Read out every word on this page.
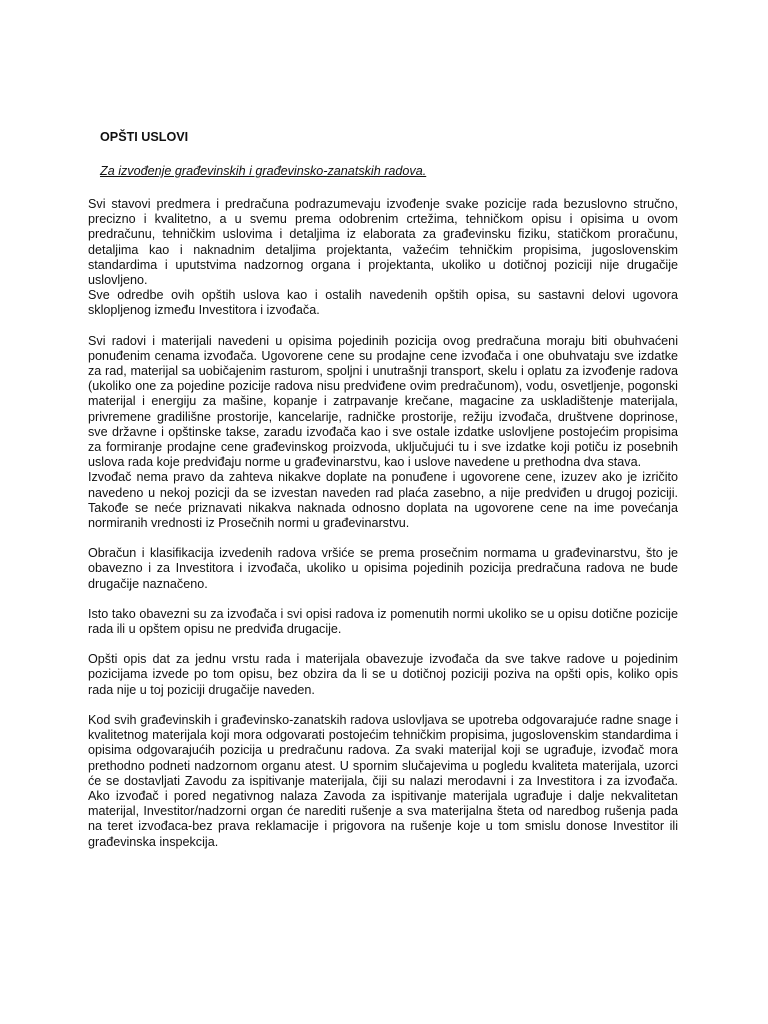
OPŠTI USLOVI
Za izvođenje građevinskih i građevinsko-zanatskih radova.
Svi stavovi predmera i predračuna podrazumevaju izvođenje svake pozicije rada bezuslovno stručno, precizno i kvalitetno, a u svemu prema odobrenim crtežima, tehničkom opisu i opisima u ovom predračunu, tehničkim uslovima i detaljima iz elaborata za građevinsku fiziku, statičkom proračunu, detaljima kao i naknadnim detaljima projektanta, važećim tehničkim propisima, jugoslovenskim standardima i uputstvima nadzornog organa i projektanta, ukoliko u dotičnoj poziciji nije drugačije uslovljeno.
Sve odredbe ovih opštih uslova kao i ostalih navedenih opštih opisa, su sastavni delovi ugovora sklopljenog između Investitora i izvođača.
Svi radovi i materijali navedeni u opisima pojedinih pozicija ovog predračuna moraju biti obuhvaćeni ponuđenim cenama izvođača. Ugovorene cene su prodajne cene izvođača i one obuhvataju sve izdatke za rad, materijal sa uobičajenim rasturom, spoljni i unutrašnji transport, skelu i oplatu za izvođenje radova (ukoliko one za pojedine pozicije radova nisu predviđene ovim predračunom), vodu, osvetljenje, pogonski materijal i energiju za mašine, kopanje i zatrpavanje krečane, magacine za uskladištenje materijala, privremene gradilišne prostorije, kancelarije, radničke prostorije, režiju izvođača, društvene doprinose, sve državne i opštinske takse, zaradu izvođača kao i sve ostale izdatke uslovljene postojećim propisima za formiranje prodajne cene građevinskog proizvoda, uključujući tu i sve izdatke koji potiču iz posebnih uslova rada koje predviđaju norme u građevinarstvu, kao i uslove navedene u prethodna dva stava.
Izvođač nema pravo da zahteva nikakve doplate na ponuđene i ugovorene cene, izuzev ako je izričito navedeno u nekoj pozicji da se izvestan naveden rad plaća zasebno, a nije predviđen u drugoj poziciji. Takođe se neće priznavati nikakva naknada odnosno doplata na ugovorene cene na ime povećanja normiranih vrednosti iz Prosečnih normi u građevinarstvu.
Obračun i klasifikacija izvedenih radova vršiće se prema prosečnim normama u građevinarstvu, što je obavezno i za Investitora i izvođača, ukoliko u opisima pojedinih pozicija predračuna radova ne bude drugačije naznačeno.
Isto tako obavezni su za izvođača i svi opisi radova iz pomenutih normi ukoliko se u opisu dotične pozicije rada ili u opštem opisu ne predviđa drugacije.
Opšti opis dat za jednu vrstu rada i materijala obavezuje izvođača da sve takve radove u pojedinim pozicijama izvede po tom opisu, bez obzira da li se u dotičnoj poziciji poziva na opšti opis, koliko opis rada nije u toj poziciji drugačije naveden.
Kod svih građevinskih i građevinsko-zanatskih radova uslovljava se upotreba odgovarajuće radne snage i kvalitetnog materijala koji mora odgovarati postojećim tehničkim propisima, jugoslovenskim standardima i opisima odgovarajućih pozicija u predračunu radova. Za svaki materijal koji se ugrađuje, izvođač mora prethodno podneti nadzornom organu atest. U spornim slučajevima u pogledu kvaliteta materijala, uzorci će se dostavljati Zavodu za ispitivanje materijala, čiji su nalazi merodavni i za Investitora i za izvođača. Ako izvođač i pored negativnog nalaza Zavoda za ispitivanje materijala ugrađuje i dalje nekvalitetan materijal, Investitor/nadzorni organ će narediti rušenje a sva materijalna šteta od naredbog rušenja pada na teret izvođaca-bez prava reklamacije i prigovora na rušenje koje u tom smislu donose Investitor ili građevinska inspekcija.
